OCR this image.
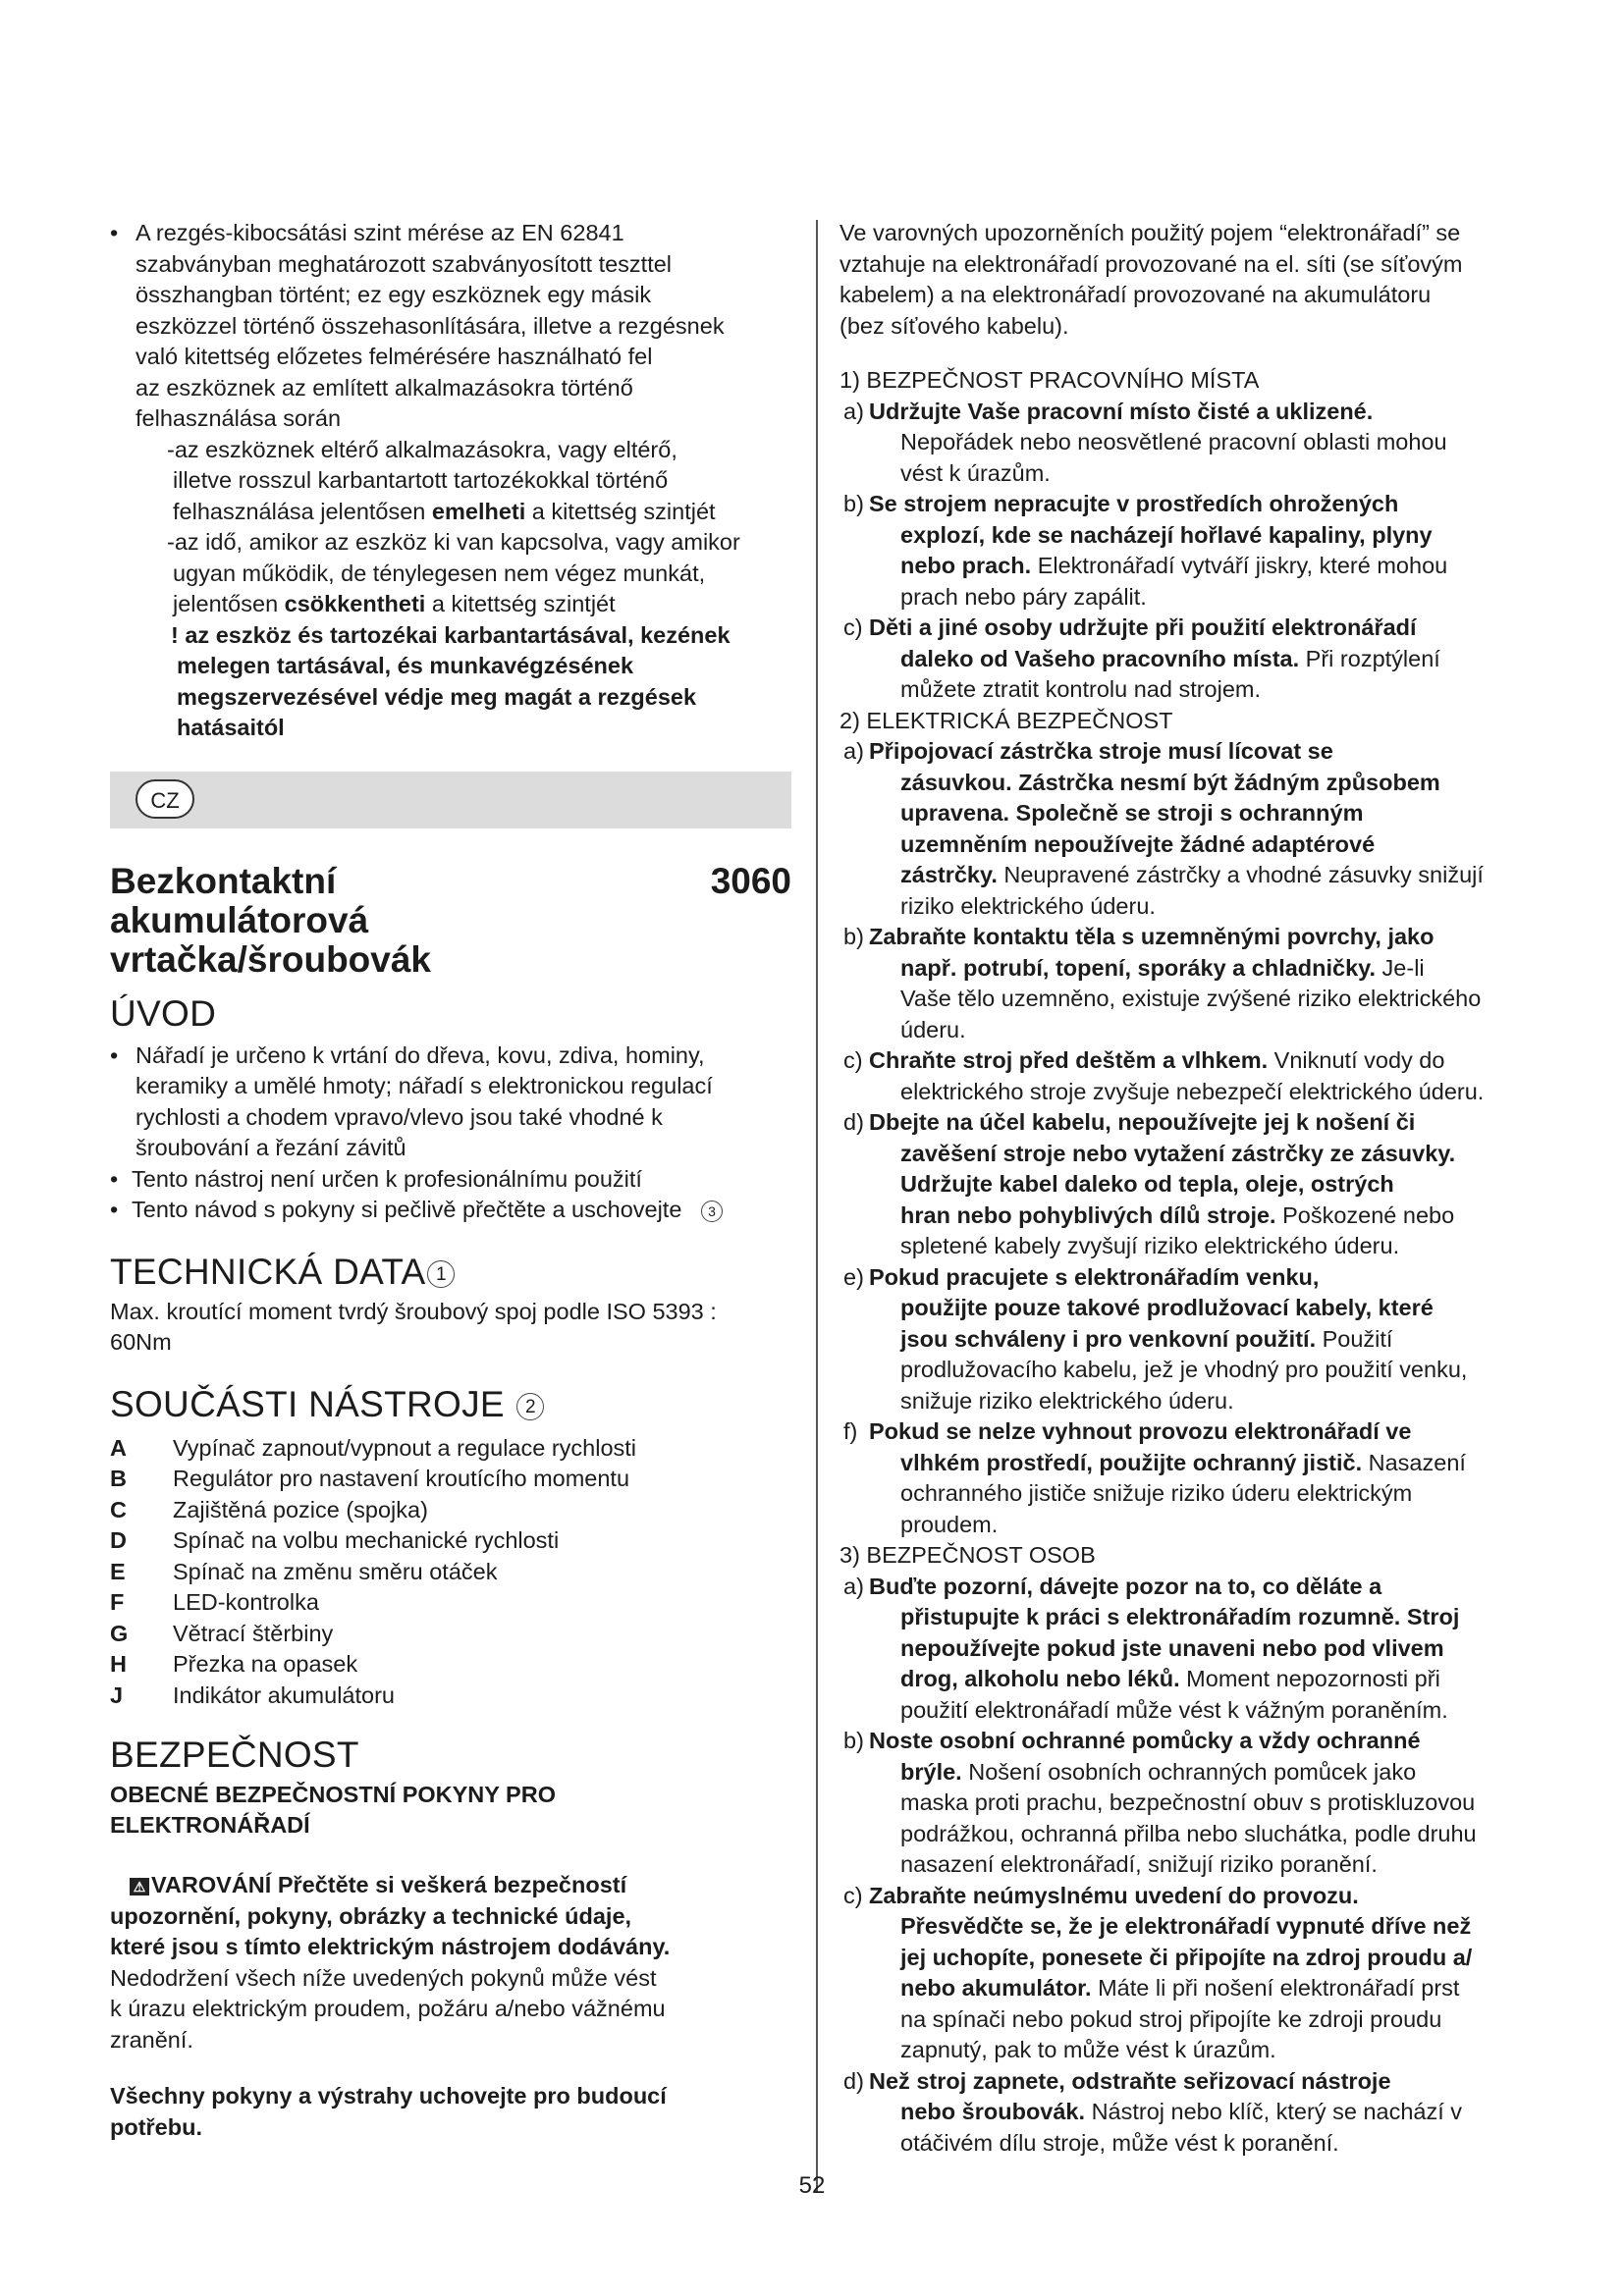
• A rezgés-kibocsátási szint mérése az EN 62841

szabványban meghatározott szabványosított teszttel

összhangban történt; ez egy eszköznek egy másik

eszközzel történő összehasonlítására, illetve a rezgésnek

való kitettség előzetes felmérésére használható fel

az eszköznek az említett alkalmazásokra történő

felhasználása során

-az eszköznek eltérő alkalmazásokra, vagy eltérő,

illetve rosszul karbantartott tartozékokkal történő

felhasználása jelentősen emelheti a kitettség szintjét

-az idő, amikor az eszköz ki van kapcsolva, vagy amikor

ugyan működik, de ténylegesen nem végez munkát,

jelentősen csökkentheti a kitettség szintjét

! az eszköz és tartozékai karbantartásával, kezének

melegen tartásával, és munkavégzésének

megszervezésével védje meg magát a rezgések

hatásaitól

CZ
Bezkontaktní
akumulátorová
vrtačka/šroubovák
3060
ÚVOD

• Nářadí je určeno k vrtání do dřeva, kovu, zdiva, hominy,

keramiky a umělé hmoty; nářadí s elektronickou regulací

rychlosti a chodem vpravo/vlevo jsou také vhodné k

šroubování a řezání závitů

• Tento nástroj není určen k profesionálnímu použití

• Tento návod s pokyny si pečlivě přečtěte a uschovejte 3

TECHNICKÁ DATA 1

Max. kroutící moment tvrdý šroubový spoj podle ISO 5393 :

60Nm

SOUČÁSTI NÁSTROJE 2
A	Vypínač zapnout/vypnout a regulace rychlosti
B	Regulátor pro nastavení kroutícího momentu
C	Zajištěná pozice (spojka)
D	Spínač na volbu mechanické rychlosti
E	Spínač na změnu směru otáček
F	LED-kontrolka
G	Větrací štěrbiny
H	Přezka na opasek
J	Indikátor akumulátoru
BEZPEČNOST

OBECNÉ BEZPEČNOSTNÍ POKYNY PRO

ELEKTRONÁŘADÍ

⚠ VAROVÁNÍ Přečtěte si veškerá bezpečností

upozornění, pokyny, obrázky a technické údaje,

které jsou s tímto elektrickým nástrojem dodávány.

Nedodržení všech níže uvedených pokynů může vést

k úrazu elektrickým proudem, požáru a/nebo vážnému

zranění.

Všechny pokyny a výstrahy uchovejte pro budoucí

potřebu.

Ve varovných upozorněních použitý pojem “elektronářadí” se

vztahuje na elektronářadí provozované na el. síti (se síťovým

kabelem) a na elektronářadí provozované na akumulátoru

(bez síťového kabelu).

1) BEZPEČNOST PRACOVNÍHO MÍSTA

a) Udržujte Vaše pracovní místo čisté a uklizené.

Nepořádek nebo neosvětlené pracovní oblasti mohou

vést k úrazům.

b) Se strojem nepracujte v prostředích ohrožených

explozí, kde se nacházejí hořlavé kapaliny, plyny

nebo prach. Elektronářadí vytváří jiskry, které mohou

prach nebo páry zapálit.

c) Děti a jiné osoby udržujte při použití elektronářadí

daleko od Vašeho pracovního místa. Při rozptýlení

můžete ztratit kontrolu nad strojem.

2) ELEKTRICKÁ BEZPEČNOST

a) Připojovací zástrčka stroje musí lícovat se

zásuvkou. Zástrčka nesmí být žádným způsobem

upravena. Společně se stroji s ochranným

uzemněním nepoužívejte žádné adaptérové

zástrčky. Neupravené zástrčky a vhodné zásuvky snižují

riziko elektrického úderu.

b) Zabraňte kontaktu těla s uzemněnými povrchy, jako

např. potrubí, topení, sporáky a chladničky. Je-li

Vaše tělo uzemněno, existuje zvýšené riziko elektrického

úderu.

c) Chraňte stroj před deštěm a vlhkem. Vniknutí vody do

elektrického stroje zvyšuje nebezpečí elektrického úderu.

d) Dbejte na účel kabelu, nepoužívejte jej k nošení či

zavěšení stroje nebo vytažení zástrčky ze zásuvky.

Udržujte kabel daleko od tepla, oleje, ostrých

hran nebo pohyblivých dílů stroje. Poškozené nebo

spletené kabely zvyšují riziko elektrického úderu.

e) Pokud pracujete s elektronářadím venku,

použijte pouze takové prodlužovací kabely, které

jsou schváleny i pro venkovní použití. Použití

prodlužovacího kabelu, jež je vhodný pro použití venku,

snižuje riziko elektrického úderu.

f) Pokud se nelze vyhnout provozu elektronářadí ve

vlhkém prostředí, použijte ochranný jistič. Nasazení

ochranného jističe snižuje riziko úderu elektrickým

proudem.

3) BEZPEČNOST OSOB

a) Buďte pozorní, dávejte pozor na to, co děláte a

přistupujte k práci s elektronářadím rozumně. Stroj

nepoužívejte pokud jste unaveni nebo pod vlivem

drog, alkoholu nebo léků. Moment nepozornosti při

použití elektronářadí může vést k vážným poraněním.

b) Noste osobní ochranné pomůcky a vždy ochranné

brýle. Nošení osobních ochranných pomůcek jako

maska proti prachu, bezpečnostní obuv s protiskluzovou

podrážkou, ochranná přilba nebo sluchátka, podle druhu

nasazení elektronářadí, snižují riziko poranění.

c) Zabraňte neúmyslnému uvedení do provozu.

Přesvědčte se, že je elektronářadí vypnuté dříve než

jej uchopíte, ponesete či připojíte na zdroj proudu a/

nebo akumulátor. Máte li při nošení elektronářadí prst

na spínači nebo pokud stroj připojíte ke zdroji proudu

zapnutý, pak to může vést k úrazům.

d) Než stroj zapnete, odstraňte seřizovací nástroje

nebo šroubovák. Nástroj nebo klíč, který se nachází v

otáčivém dílu stroje, může vést k poranění.

52
